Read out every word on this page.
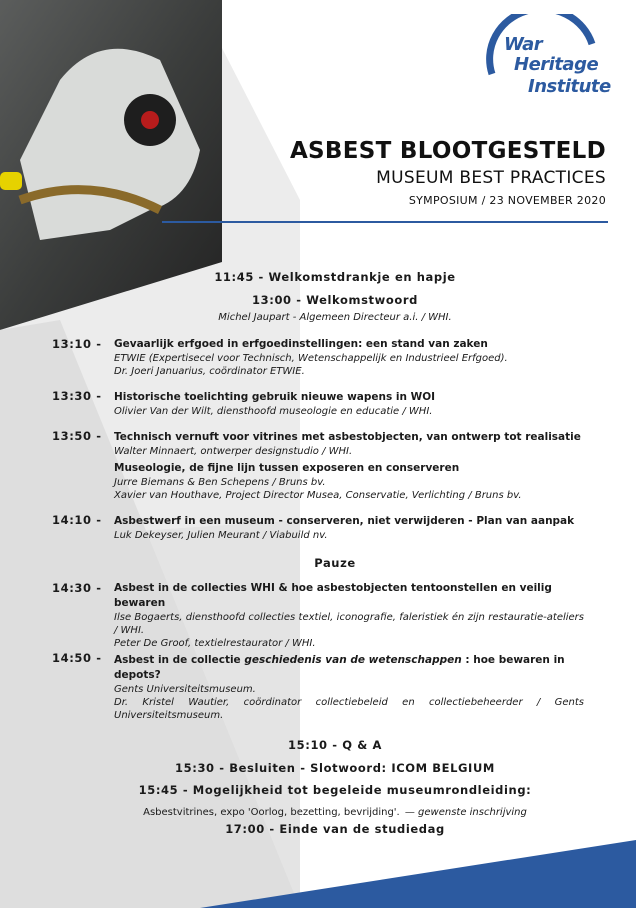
War
Heritage
Institute
ASBEST BLOOTGESTELD
MUSEUM BEST PRACTICES
SYMPOSIUM / 23 NOVEMBER 2020
11:45 - Welkomstdrankje en hapje
13:00 - Welkomstwoord
Michel Jaupart - Algemeen Directeur a.i. / WHI.
13:10 - Gevaarlijk erfgoed in erfgoedinstellingen: een stand van zaken
ETWIE (Expertisecel voor Technisch, Wetenschappelijk en Industrieel Erfgoed).
Dr. Joeri Januarius, coördinator ETWIE.
13:30 - Historische toelichting gebruik nieuwe wapens in WOI
Olivier Van der Wilt, diensthoofd museologie en educatie / WHI.
13:50 - Technisch vernuft voor vitrines met asbestobjecten, van ontwerp tot realisatie
Walter Minnaert, ontwerper designstudio / WHI.
Museologie, de fijne lijn tussen exposeren en conserveren
Jurre Biemans & Ben Schepens / Bruns bv.
Xavier van Houthave, Project Director Musea, Conservatie, Verlichting / Bruns bv.
14:10 - Asbestwerf in een museum - conserveren, niet verwijderen - Plan van aanpak
Luk Dekeyser, Julien Meurant / Viabuild nv.
Pauze
14:30 - Asbest in de collecties WHI & hoe asbestobjecten tentoonstellen en veilig bewaren
Ilse Bogaerts, diensthoofd collecties textiel, iconografie, faleristiek én zijn restauratie-ateliers / WHI.
Peter De Groof, textielrestaurator / WHI.
14:50 - Asbest in de collectie geschiedenis van de wetenschappen : hoe bewaren in depots?
Gents Universiteitsmuseum.
Dr. Kristel Wautier, coördinator collectiebeleid en collectiebeheerder / Gents Universiteitsmuseum.
15:10 - Q & A
15:30 - Besluiten - Slotwoord: ICOM BELGIUM
15:45 - Mogelijkheid tot begeleide museumrondleiding:
Asbestvitrines, expo 'Oorlog, bezetting, bevrijding'. — gewenste inschrijving
17:00 - Einde van de studiedag
